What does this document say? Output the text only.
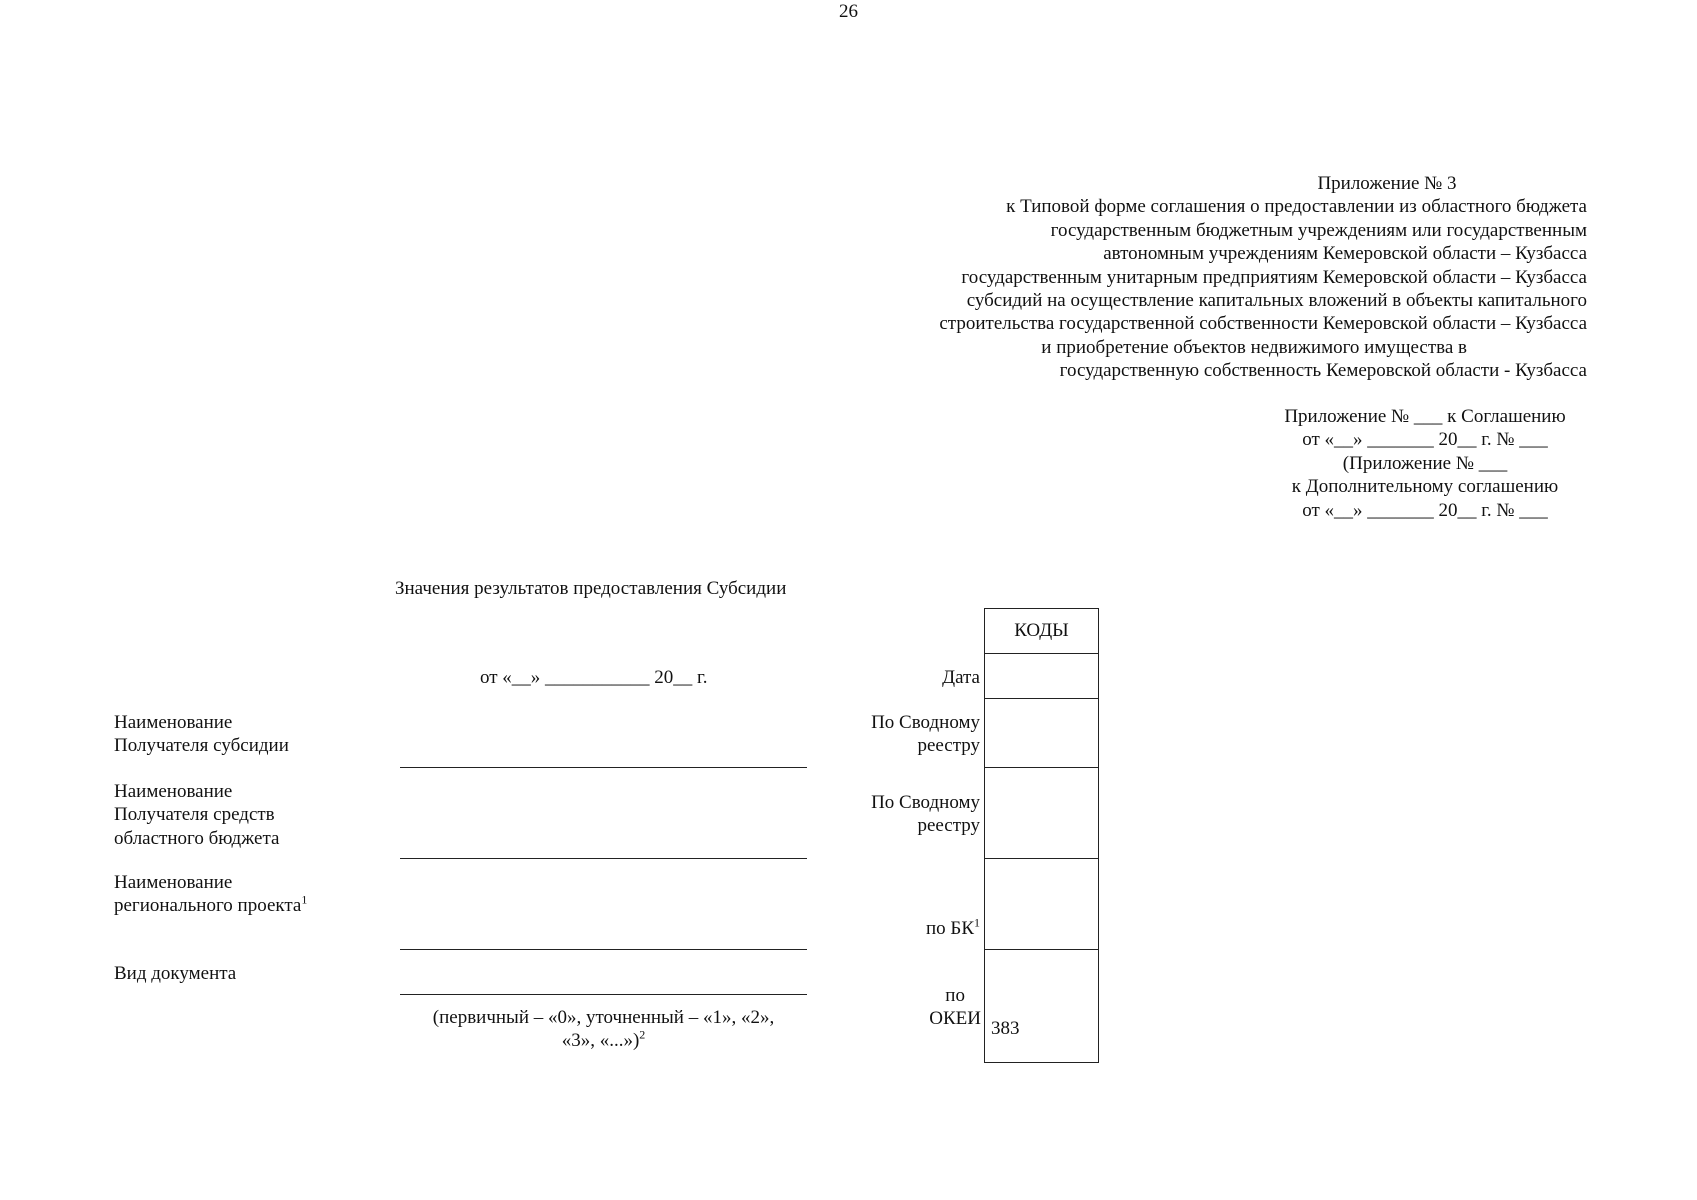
26
Приложение № 3
к Типовой форме соглашения о предоставлении из областного бюджета
государственным бюджетным учреждениям или государственным
автономным учреждениям Кемеровской области – Кузбасса
государственным унитарным предприятиям Кемеровской области – Кузбасса
субсидий на осуществление капитальных вложений в объекты капитального
строительства государственной собственности Кемеровской области – Кузбасса
и приобретение объектов недвижимого имущества в
государственную собственность Кемеровской области - Кузбасса
Приложение № ___ к Соглашению
от «__» _______ 20__ г. № ___
(Приложение № ___
к Дополнительному соглашению
от «__» _______ 20__ г. № ___
Значения результатов предоставления Субсидии
от «__» ___________ 20__ г.
Наименование
Получателя субсидии
Наименование
Получателя средств
областного бюджета
Наименование
регионального проекта$^1$
Вид документа
(первичный – «0», уточненный – «1», «2»,
«3», «...»)$^2$
Дата
По Сводному
реестру
По Сводному
реестру
по $БК^1$
по
ОКЕИ
КОДЫ
383
